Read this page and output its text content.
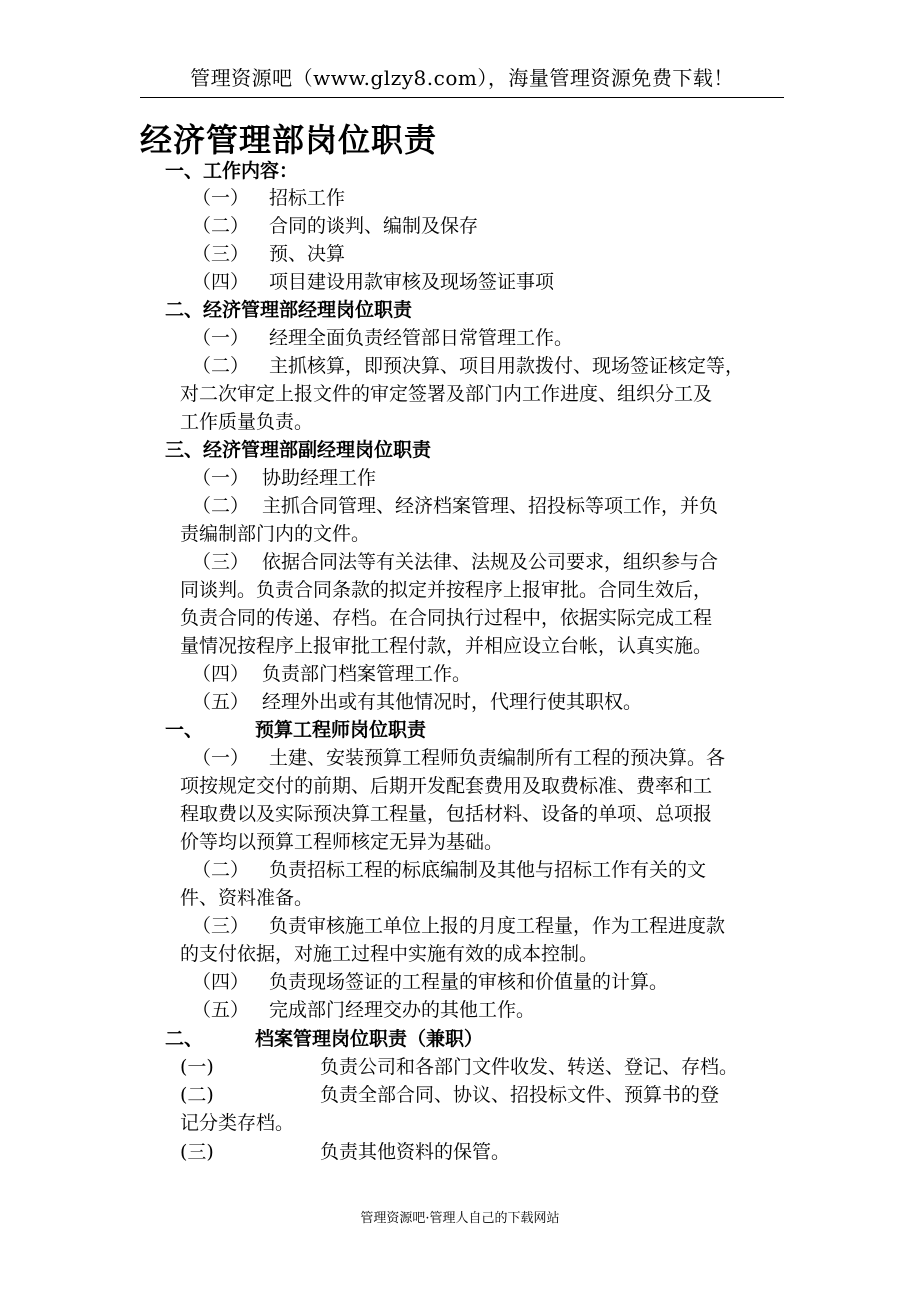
管理资源吧（www.glzy8.com），海量管理资源免费下载！
经济管理部岗位职责
一、工作内容：
（一） 招标工作
（二） 合同的谈判、编制及保存
（三） 预、决算
（四） 项目建设用款审核及现场签证事项
二、经济管理部经理岗位职责
（一） 经理全面负责经管部日常管理工作。
（二） 主抓核算，即预决算、项目用款拨付、现场签证核定等，
对二次审定上报文件的审定签署及部门内工作进度、组织分工及
工作质量负责。
三、经济管理部副经理岗位职责
（一） 协助经理工作
（二） 主抓合同管理、经济档案管理、招投标等项工作，并负
责编制部门内的文件。
（三） 依据合同法等有关法律、法规及公司要求，组织参与合
同谈判。负责合同条款的拟定并按程序上报审批。合同生效后，
负责合同的传递、存档。在合同执行过程中，依据实际完成工程
量情况按程序上报审批工程付款，并相应设立台帐，认真实施。
（四） 负责部门档案管理工作。
（五） 经理外出或有其他情况时，代理行使其职权。
一、	预算工程师岗位职责
（一） 土建、安装预算工程师负责编制所有工程的预决算。各
项按规定交付的前期、后期开发配套费用及取费标准、费率和工
程取费以及实际预决算工程量，包括材料、设备的单项、总项报
价等均以预算工程师核定无异为基础。
（二） 负责招标工程的标底编制及其他与招标工作有关的文
件、资料准备。
（三） 负责审核施工单位上报的月度工程量，作为工程进度款
的支付依据，对施工过程中实施有效的成本控制。
（四） 负责现场签证的工程量的审核和价值量的计算。
（五） 完成部门经理交办的其他工作。
二、	档案管理岗位职责（兼职）
(一)	负责公司和各部门文件收发、转送、登记、存档。
(二)	负责全部合同、协议、招投标文件、预算书的登
记分类存档。
(三)	负责其他资料的保管。
管理资源吧·管理人自己的下载网站
